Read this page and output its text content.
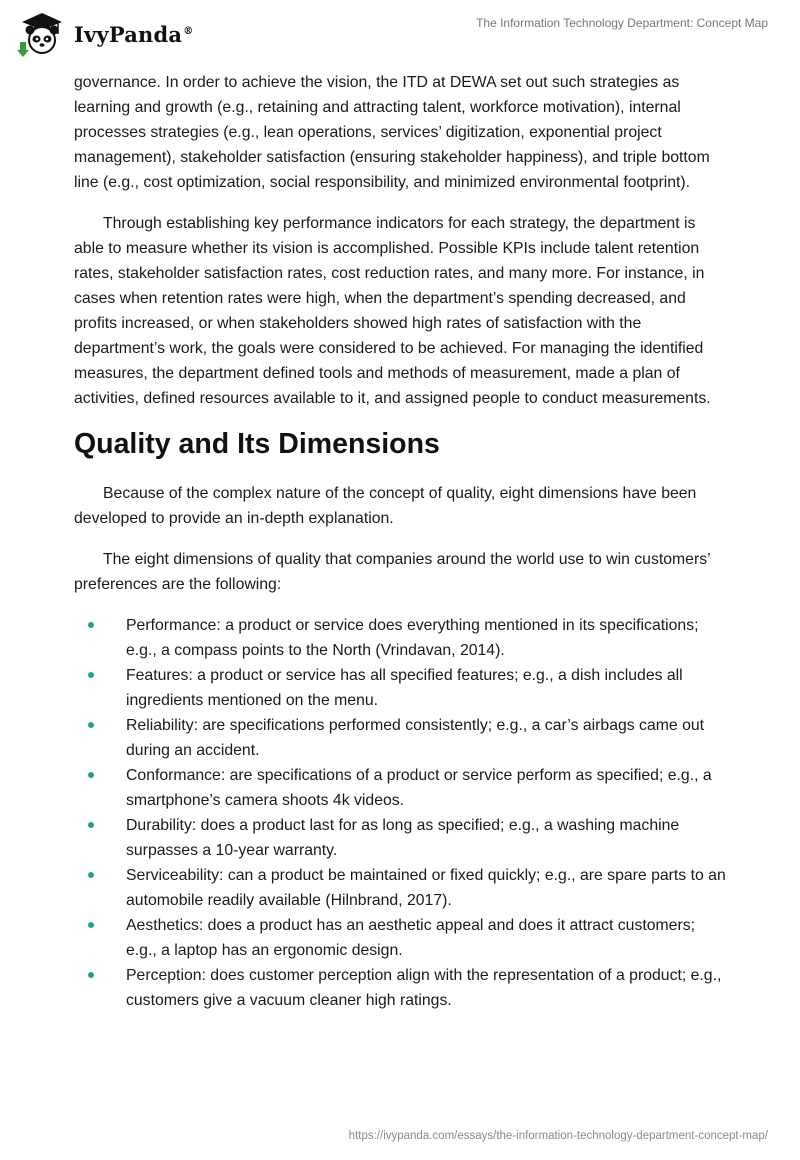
IvyPanda®
The Information Technology Department: Concept Map

governance. In order to achieve the vision, the ITD at DEWA set out such strategies as learning and growth (e.g., retaining and attracting talent, workforce motivation), internal processes strategies (e.g., lean operations, services’ digitization, exponential project management), stakeholder satisfaction (ensuring stakeholder happiness), and triple bottom line (e.g., cost optimization, social responsibility, and minimized environmental footprint).

Through establishing key performance indicators for each strategy, the department is able to measure whether its vision is accomplished. Possible KPIs include talent retention rates, stakeholder satisfaction rates, cost reduction rates, and many more. For instance, in cases when retention rates were high, when the department’s spending decreased, and profits increased, or when stakeholders showed high rates of satisfaction with the department’s work, the goals were considered to be achieved. For managing the identified measures, the department defined tools and methods of measurement, made a plan of activities, defined resources available to it, and assigned people to conduct measurements.

Quality and Its Dimensions

Because of the complex nature of the concept of quality, eight dimensions have been developed to provide an in-depth explanation.

The eight dimensions of quality that companies around the world use to win customers’ preferences are the following:

Performance: a product or service does everything mentioned in its specifications; e.g., a compass points to the North (Vrindavan, 2014).
Features: a product or service has all specified features; e.g., a dish includes all ingredients mentioned on the menu.
Reliability: are specifications performed consistently; e.g., a car’s airbags came out during an accident.
Conformance: are specifications of a product or service perform as specified; e.g., a smartphone’s camera shoots 4k videos.
Durability: does a product last for as long as specified; e.g., a washing machine surpasses a 10-year warranty.
Serviceability: can a product be maintained or fixed quickly; e.g., are spare parts to an automobile readily available (Hilnbrand, 2017).
Aesthetics: does a product has an aesthetic appeal and does it attract customers; e.g., a laptop has an ergonomic design.
Perception: does customer perception align with the representation of a product; e.g., customers give a vacuum cleaner high ratings.
https://ivypanda.com/essays/the-information-technology-department-concept-map/
